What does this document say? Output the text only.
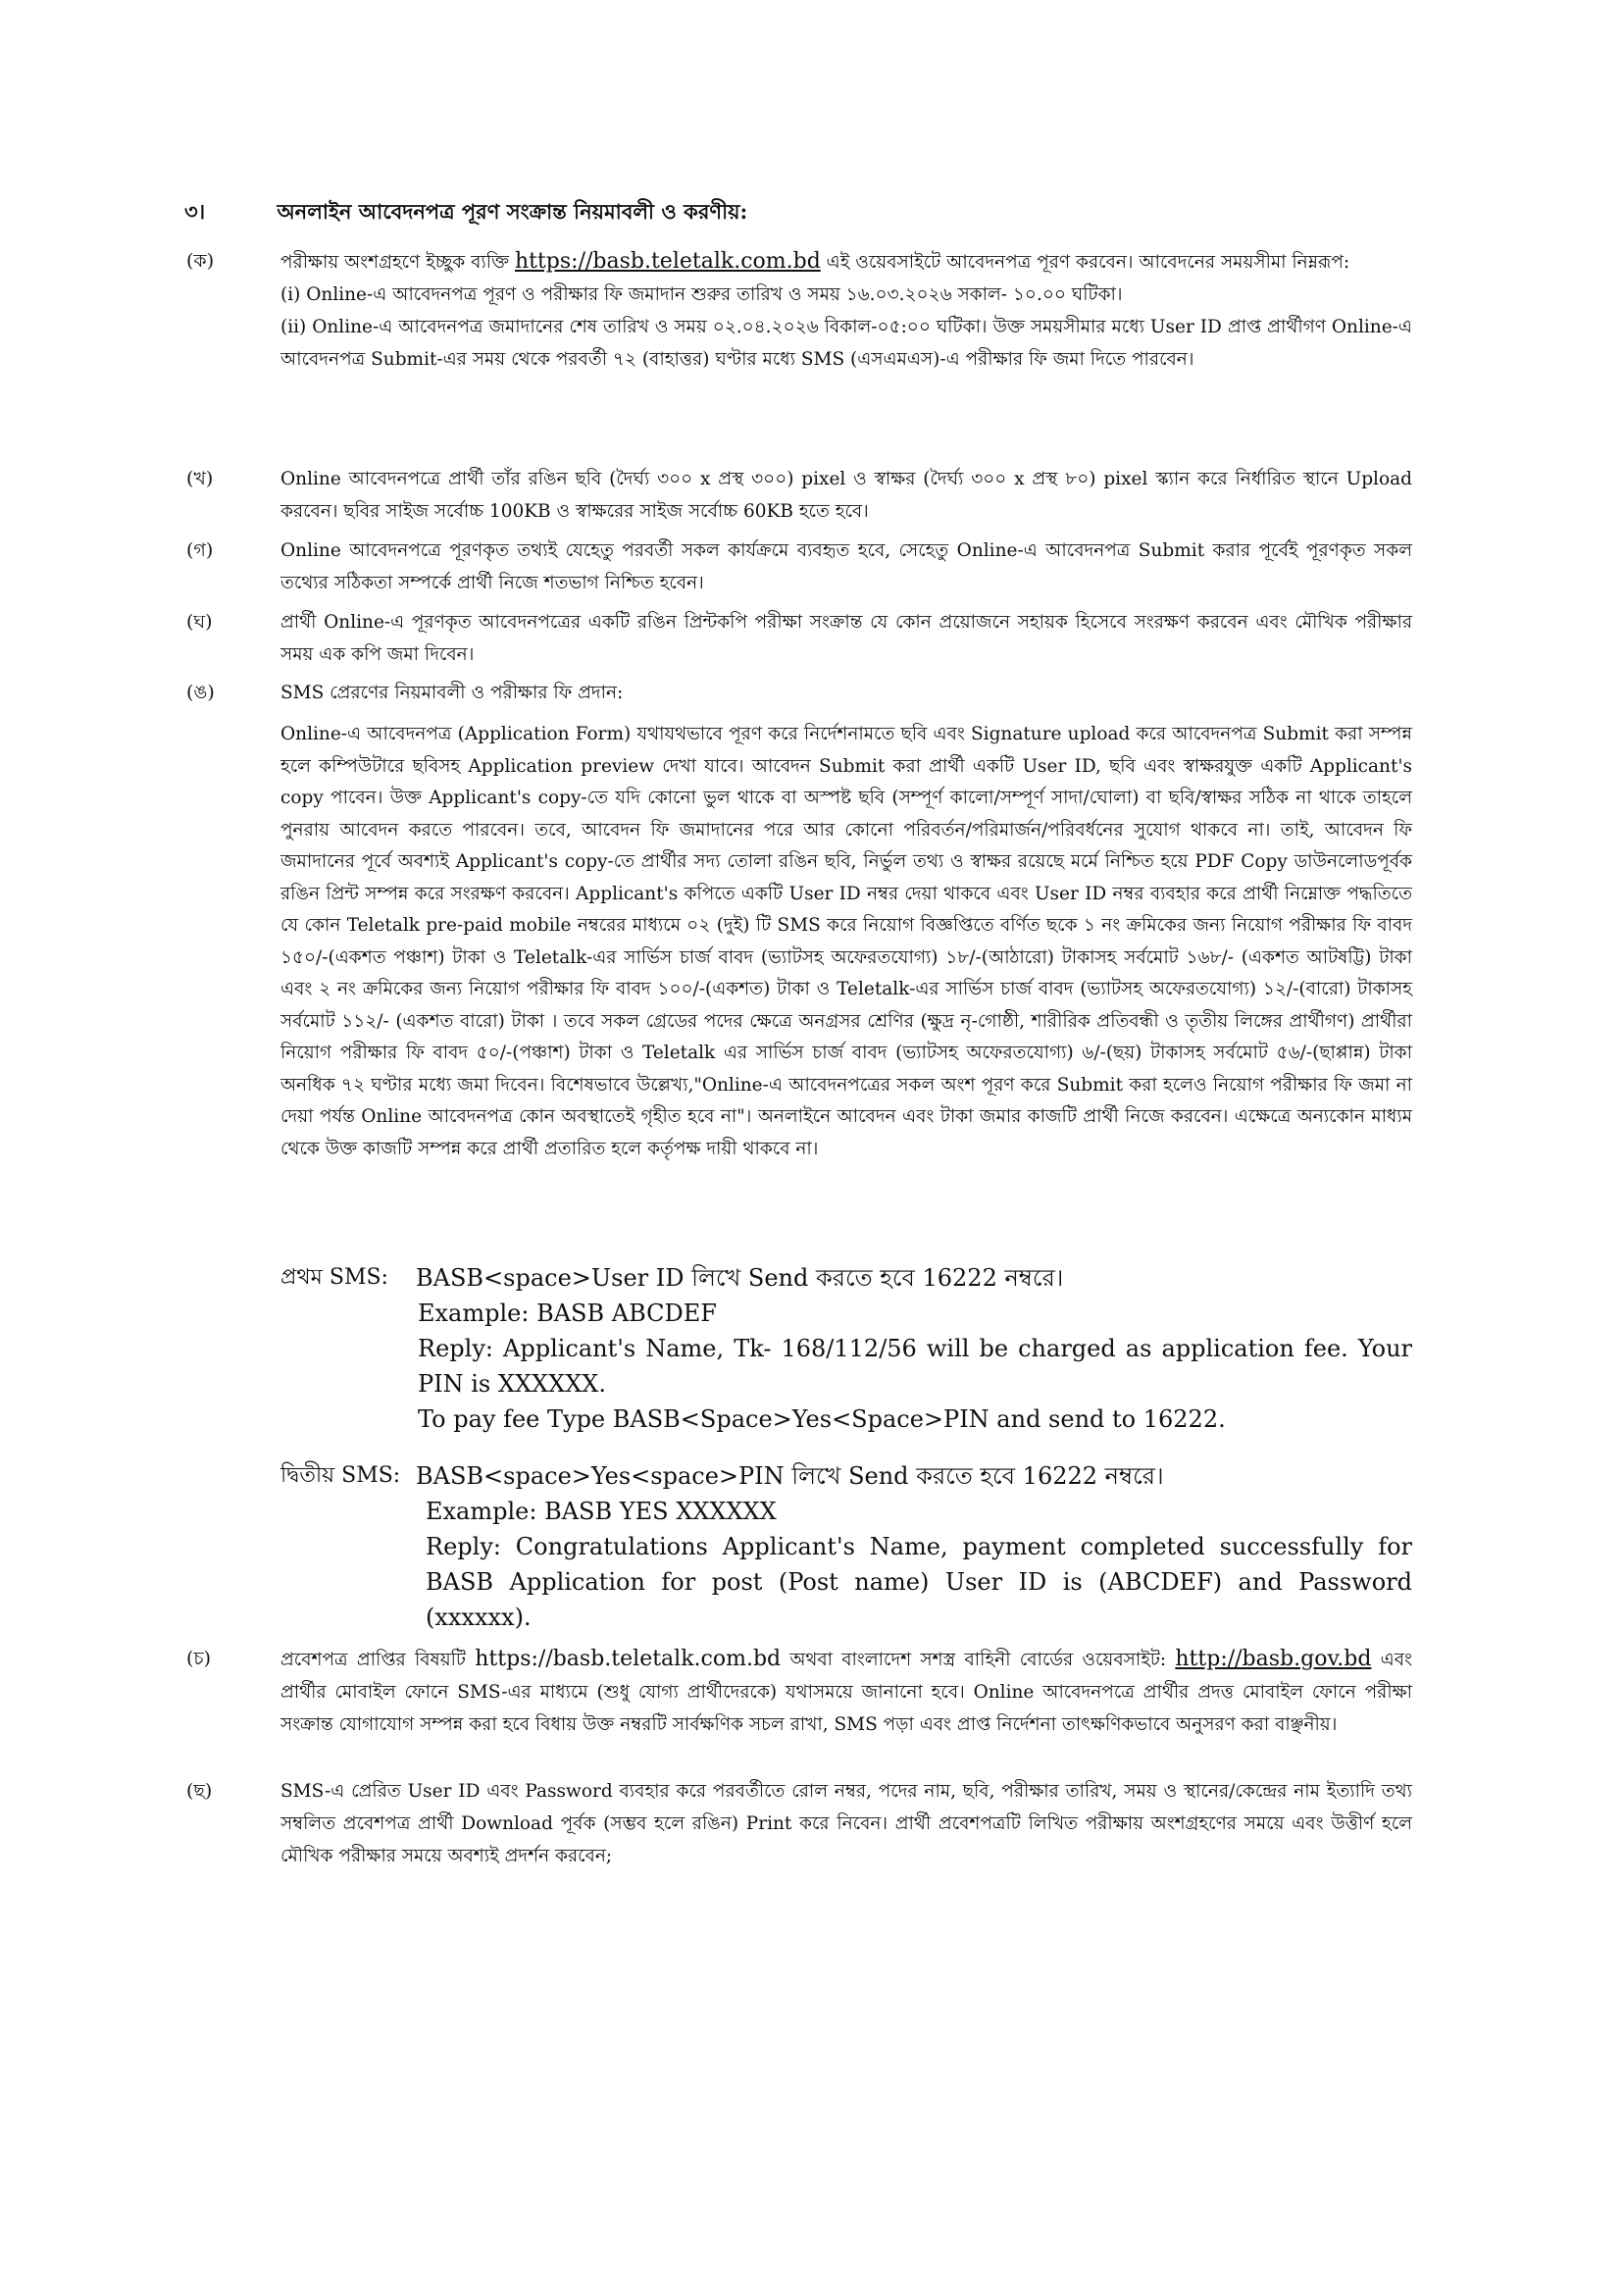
৩।	অনলাইন আবেদনপত্র পূরণ সংক্রান্ত নিয়মাবলী ও করণীয়:
(ক)	পরীক্ষায় অংশগ্রহণে ইচ্ছুক ব্যক্তি https://basb.teletalk.com.bd এই ওয়েবসাইটে আবেদনপত্র পূরণ করবেন। আবেদনের সময়সীমা নিম্নরূপ:

(i) Online-এ আবেদনপত্র পূরণ ও পরীক্ষার ফি জমাদান শুরুর তারিখ ও সময় ১৬.০৩.২০২৬ সকাল- ১০.০০ ঘটিকা।

(ii) Online-এ আবেদনপত্র জমাদানের শেষ তারিখ ও সময় ০২.০৪.২০২৬ বিকাল-০৫:০০ ঘটিকা। উক্ত সময়সীমার মধ্যে User ID প্রাপ্ত প্রার্থীগণ Online-এ আবেদনপত্র Submit-এর সময় থেকে পরবর্তী ৭২ (বাহাত্তর) ঘণ্টার মধ্যে SMS (এসএমএস)-এ পরীক্ষার ফি জমা দিতে পারবেন।

(খ)	Online আবেদনপত্রে প্রার্থী তাঁর রঙিন ছবি (দৈর্ঘ্য ৩০০ x প্রস্থ ৩০০) pixel ও স্বাক্ষর (দৈর্ঘ্য ৩০০ x প্রস্থ ৮০) pixel স্ক্যান করে নির্ধারিত স্থানে Upload করবেন। ছবির সাইজ সর্বোচ্চ 100KB ও স্বাক্ষরের সাইজ সর্বোচ্চ 60KB হতে হবে।
(গ)	Online আবেদনপত্রে পূরণকৃত তথ্যই যেহেতু পরবর্তী সকল কার্যক্রমে ব্যবহৃত হবে, সেহেতু Online-এ আবেদনপত্র Submit করার পূর্বেই পূরণকৃত সকল তথ্যের সঠিকতা সম্পর্কে প্রার্থী নিজে শতভাগ নিশ্চিত হবেন।
(ঘ)	প্রার্থী Online-এ পূরণকৃত আবেদনপত্রের একটি রঙিন প্রিন্টকপি পরীক্ষা সংক্রান্ত যে কোন প্রয়োজনে সহায়ক হিসেবে সংরক্ষণ করবেন এবং মৌখিক পরীক্ষার সময় এক কপি জমা দিবেন।
(ঙ)	SMS প্রেরণের নিয়মাবলী ও পরীক্ষার ফি প্রদান:

Online-এ আবেদনপত্র (Application Form) যথাযথভাবে পূরণ করে নির্দেশনামতে ছবি এবং Signature upload করে আবেদনপত্র Submit করা সম্পন্ন হলে কম্পিউটারে ছবিসহ Application preview দেখা যাবে। আবেদন Submit করা প্রার্থী একটি User ID, ছবি এবং স্বাক্ষরযুক্ত একটি Applicant's copy পাবেন। উক্ত Applicant's copy-তে যদি কোনো ভুল থাকে বা অস্পষ্ট ছবি (সম্পূর্ণ কালো/সম্পূর্ণ সাদা/ঘোলা) বা ছবি/স্বাক্ষর সঠিক না থাকে তাহলে পুনরায় আবেদন করতে পারবেন। তবে, আবেদন ফি জমাদানের পরে আর কোনো পরিবর্তন/পরিমার্জন/পরিবর্ধনের সুযোগ থাকবে না। তাই, আবেদন ফি জমাদানের পূর্বে অবশ্যই Applicant's copy-তে প্রার্থীর সদ্য তোলা রঙিন ছবি, নির্ভুল তথ্য ও স্বাক্ষর রয়েছে মর্মে নিশ্চিত হয়ে PDF Copy ডাউনলোডপূর্বক রঙিন প্রিন্ট সম্পন্ন করে সংরক্ষণ করবেন। Applicant's কপিতে একটি User ID নম্বর দেয়া থাকবে এবং User ID নম্বর ব্যবহার করে প্রার্থী নিম্নোক্ত পদ্ধতিতে যে কোন Teletalk pre-paid mobile নম্বরের মাধ্যমে ০২ (দুই) টি SMS করে নিয়োগ বিজ্ঞপ্তিতে বর্ণিত ছকে ১ নং ক্রমিকের জন্য নিয়োগ পরীক্ষার ফি বাবদ ১৫০/-(একশত পঞ্চাশ) টাকা ও Teletalk-এর সার্ভিস চার্জ বাবদ (ভ্যাটসহ অফেরতযোগ্য) ১৮/-(আঠারো) টাকাসহ সর্বমোট ১৬৮/- (একশত আটষট্টি) টাকা এবং ২ নং ক্রমিকের জন্য নিয়োগ পরীক্ষার ফি বাবদ ১০০/-(একশত) টাকা ও Teletalk-এর সার্ভিস চার্জ বাবদ (ভ্যাটসহ অফেরতযোগ্য) ১২/-(বারো) টাকাসহ সর্বমোট ১১২/- (একশত বারো) টাকা । তবে সকল গ্রেডের পদের ক্ষেত্রে অনগ্রসর শ্রেণির (ক্ষুদ্র নৃ-গোষ্ঠী, শারীরিক প্রতিবন্ধী ও তৃতীয় লিঙ্গের প্রার্থীগণ) প্রার্থীরা নিয়োগ পরীক্ষার ফি বাবদ ৫০/-(পঞ্চাশ) টাকা ও Teletalk এর সার্ভিস চার্জ বাবদ (ভ্যাটসহ অফেরতযোগ্য) ৬/-(ছয়) টাকাসহ সর্বমোট ৫৬/-(ছাপ্পান্ন) টাকা অনধিক ৭২ ঘণ্টার মধ্যে জমা দিবেন। বিশেষভাবে উল্লেখ্য,"Online-এ আবেদনপত্রের সকল অংশ পূরণ করে Submit করা হলেও নিয়োগ পরীক্ষার ফি জমা না দেয়া পর্যন্ত Online আবেদনপত্র কোন অবস্থাতেই গৃহীত হবে না"। অনলাইনে আবেদন এবং টাকা জমার কাজটি প্রার্থী নিজে করবেন। এক্ষেত্রে অন্যকোন মাধ্যম থেকে উক্ত কাজটি সম্পন্ন করে প্রার্থী প্রতারিত হলে কর্তৃপক্ষ দায়ী থাকবে না।

প্রথম SMS:	BASB<space>User ID লিখে Send করতে হবে 16222 নম্বরে।
Example: BASB ABCDEF
Reply: Applicant's Name, Tk- 168/112/56 will be charged as application fee. Your PIN is XXXXXX.
To pay fee Type BASB<Space>Yes<Space>PIN and send to 16222.
দ্বিতীয় SMS: BASB<space>Yes<space>PIN লিখে Send করতে হবে 16222 নম্বরে।
Example: BASB YES XXXXXX
Reply: Congratulations Applicant's Name, payment completed successfully for BASB Application for post (Post name) User ID is (ABCDEF) and Password (xxxxxx).
(চ)	প্রবেশপত্র প্রাপ্তির বিষয়টি https://basb.teletalk.com.bd অথবা বাংলাদেশ সশস্ত্র বাহিনী বোর্ডের ওয়েবসাইট: http://basb.gov.bd এবং প্রার্থীর মোবাইল ফোনে SMS-এর মাধ্যমে (শুধু যোগ্য প্রার্থীদেরকে) যথাসময়ে জানানো হবে। Online আবেদনপত্রে প্রার্থীর প্রদত্ত মোবাইল ফোনে পরীক্ষা সংক্রান্ত যোগাযোগ সম্পন্ন করা হবে বিধায় উক্ত নম্বরটি সার্বক্ষণিক সচল রাখা, SMS পড়া এবং প্রাপ্ত নির্দেশনা তাৎক্ষণিকভাবে অনুসরণ করা বাঞ্ছনীয়।
(ছ)	SMS-এ প্রেরিত User ID এবং Password ব্যবহার করে পরবর্তীতে রোল নম্বর, পদের নাম, ছবি, পরীক্ষার তারিখ, সময় ও স্থানের/কেন্দ্রের নাম ইত্যাদি তথ্য সম্বলিত প্রবেশপত্র প্রার্থী Download পূর্বক (সম্ভব হলে রঙিন) Print করে নিবেন। প্রার্থী প্রবেশপত্রটি লিখিত পরীক্ষায় অংশগ্রহণের সময়ে এবং উত্তীর্ণ হলে মৌখিক পরীক্ষার সময়ে অবশ্যই প্রদর্শন করবেন;
